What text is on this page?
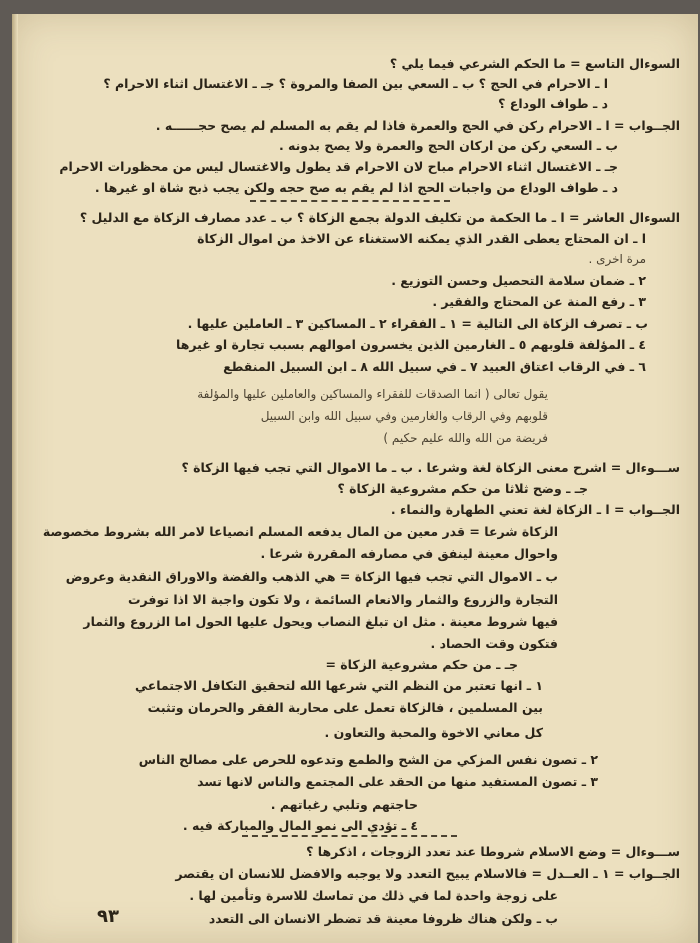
السوءال التاسع = ما الحكم الشرعي فيما يلي ؟
ا ـ الاحرام في الحج ؟ ب ـ السعي بين الصفا والمروة ؟ جـ ـ الاغتسال اثناء الاحرام ؟
د ـ طواف الوداع ؟
الجــواب = ا ـ الاحرام ركن في الحج والعمرة فاذا لم يقم به المسلم لم يصح حجــــــه .
ب ـ السعي ركن من اركان الحج والعمرة ولا يصح بدونه .
جـ ـ الاغتسال اثناء الاحرام مباح لان الاحرام قد يطول والاغتسال ليس من محظورات الاحرام
د ـ طواف الوداع من واجبات الحج اذا لم يقم به صح حجه ولكن يجب ذبح شاة او غيرها .
السوءال العاشر = ا ـ ما الحكمة من تكليف الدولة بجمع الزكاة ؟ ب ـ عدد مصارف الزكاة مع الدليل ؟
ا ـ ان المحتاج يعطى القدر الذي يمكنه الاستغناء عن الاخذ من اموال الزكاة
مرة اخرى .
٢ ـ ضمان سلامة التحصيل وحسن التوزيع .
٣ ـ رفع المنة عن المحتاج والفقير .
ب ـ تصرف الزكاة الى التالية = ١ ـ الفقراء ٢ ـ المساكين ٣ ـ العاملين عليها .
٤ ـ المؤلفة قلوبهم ٥ ـ الغارمين الذين يخسرون اموالهم بسبب تجارة او غيرها
٦ ـ في الرقاب اعتاق العبيد ٧ ـ في سبيل الله ٨ ـ ابن السبيل المنقطع
يقول تعالى ( انما الصدقات للفقراء والمساكين والعاملين عليها والمؤلفة
قلوبهم وفي الرقاب والغارمين وفي سبيل الله وابن السبيل
فريضة من الله والله عليم حكيم )
ســـوءال = اشرح معنى الزكاة لغة وشرعا . ب ـ ما الاموال التي تجب فيها الزكاة ؟
جـ ـ وضح ثلاثا من حكم مشروعية الزكاة ؟
الجــواب = ا ـ الزكاة لغة تعني الطهارة والنماء .
الزكاة شرعا = قدر معين من المال يدفعه المسلم انصياعا لامر الله بشروط مخصوصة
واحوال معينة لينفق في مصارفه المقررة شرعا .
ب ـ الاموال التي تجب فيها الزكاة = هي الذهب والفضة والاوراق النقدية وعروض
التجارة والزروع والثمار والانعام السائمة ، ولا تكون واجبة الا اذا توفرت
فيها شروط معينة . مثل ان تبلغ النصاب ويحول عليها الحول اما الزروع والثمار
فتكون وقت الحصاد .
جـ ـ من حكم مشروعية الزكاة =
١ ـ انها تعتبر من النظم التي شرعها الله لتحقيق التكافل الاجتماعي
بين المسلمين ، فالزكاة تعمل على محاربة الفقر والحرمان وتثبت
كل معاني الاخوة والمحبة والتعاون .
٢ ـ تصون نفس المزكي من الشح والطمع وتدعوه للحرص على مصالح الناس
٣ ـ تصون المستفيد منها من الحقد على المجتمع والناس لانها تسد
حاجتهم وتلبي رغباتهم .
٤ ـ تؤدي الى نمو المال والمباركة فيه .
ســـوءال = وضع الاسلام شروطا عند تعدد الزوجات ، اذكرها ؟
الجــواب = ١ ـ العــدل = فالاسلام يبيح التعدد ولا يوجبه والافضل للانسان ان يقتصر
على زوجة واحدة لما في ذلك من تماسك للاسرة وتأمين لها .
ب ـ ولكن هناك ظروفا معينة قد تضطر الانسان الى التعدد
٩٣
